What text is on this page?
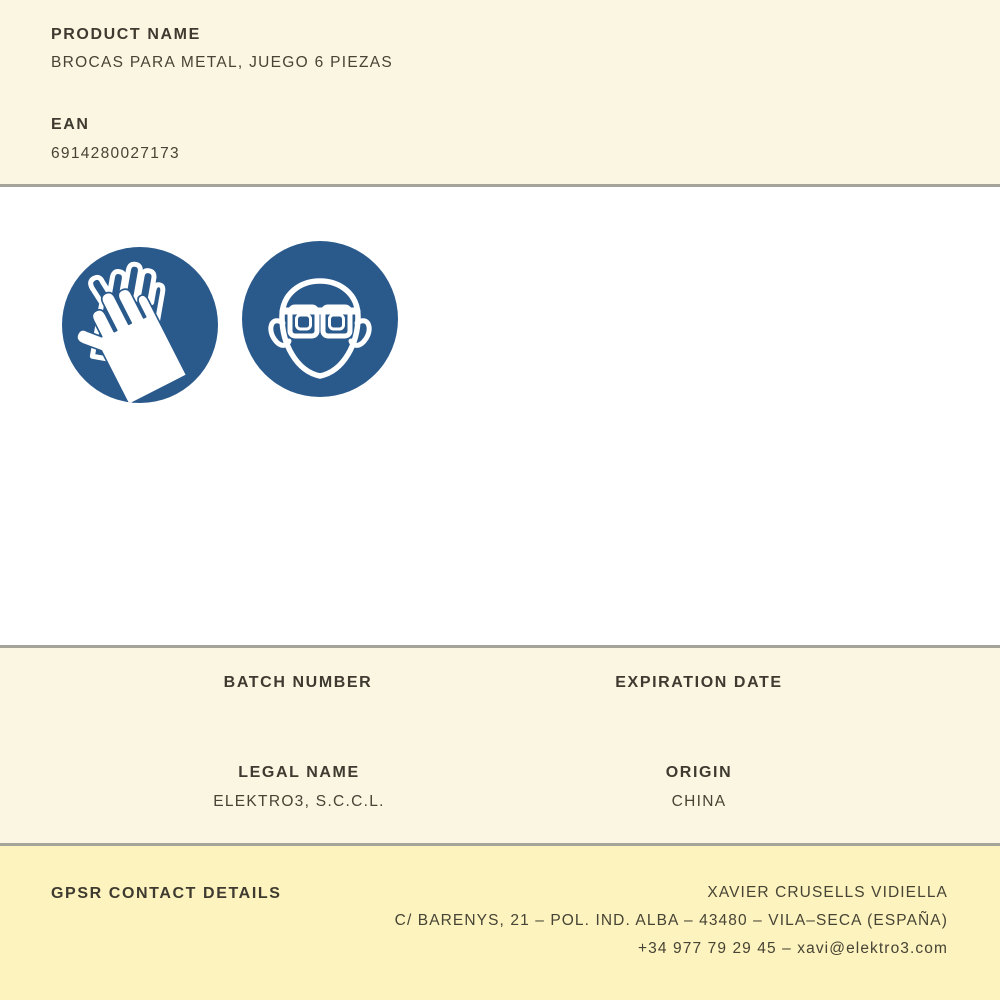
PRODUCT NAME
BROCAS PARA METAL, JUEGO 6 PIEZAS
EAN
6914280027173
BATCH NUMBER	EXPIRATION DATE
LEGAL NAME	ORIGIN
ELEKTRO3, S.C.C.L.	CHINA
GPSR CONTACT DETAILS	XAVIER CRUSELLS VIDIELLA
C/ BARENYS, 21 – POL. IND. ALBA – 43480 – VILA–SECA (ESPAÑA)
+34 977 79 29 45 – xavi@elektro3.com
